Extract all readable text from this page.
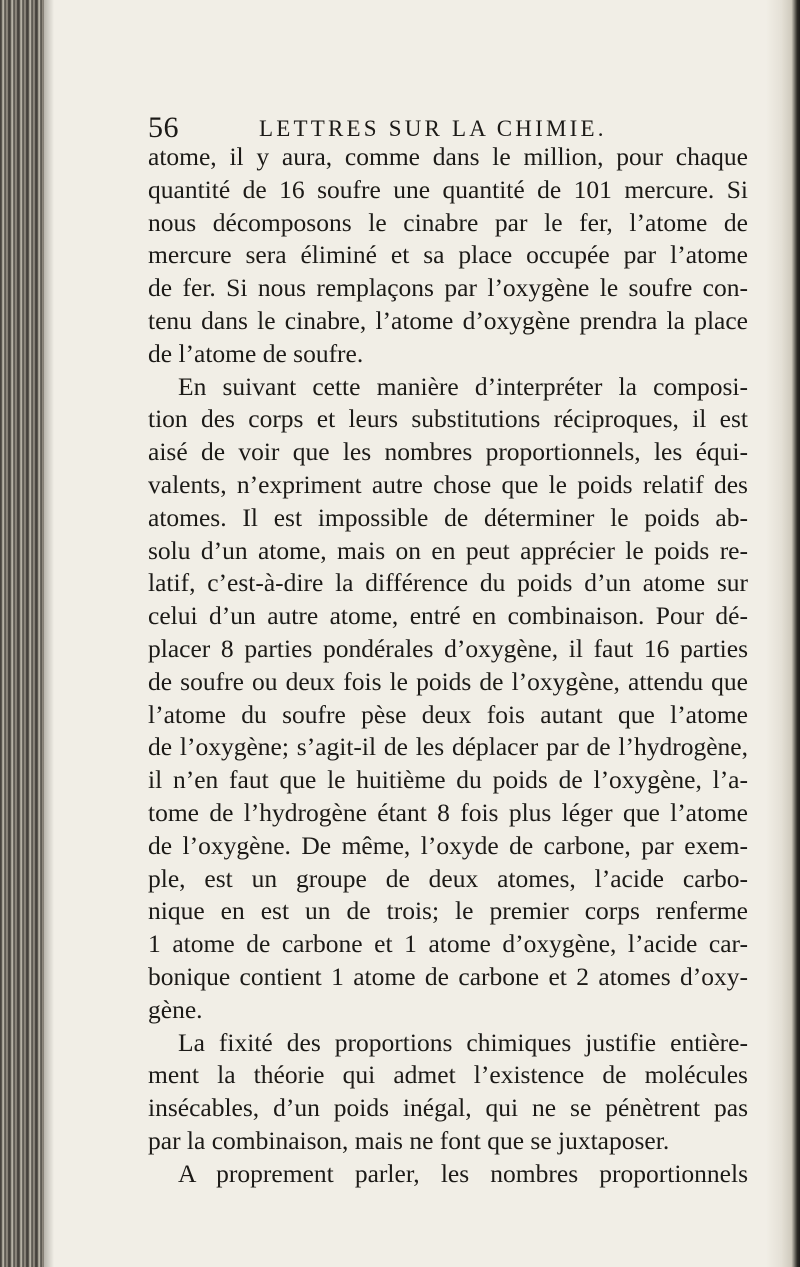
56	LETTRES SUR LA CHIMIE.
atome, il y aura, comme dans le million, pour chaque
quantité de 16 soufre une quantité de 101 mercure. Si
nous décomposons le cinabre par le fer, l’atome de
mercure sera éliminé et sa place occupée par l’atome
de fer. Si nous remplaçons par l’oxygène le soufre con-
tenu dans le cinabre, l’atome d’oxygène prendra la place
de l’atome de soufre.
En suivant cette manière d’interpréter la composi-
tion des corps et leurs substitutions réciproques, il est
aisé de voir que les nombres proportionnels, les équi-
valents, n’expriment autre chose que le poids relatif des
atomes. Il est impossible de déterminer le poids ab-
solu d’un atome, mais on en peut apprécier le poids re-
latif, c’est-à-dire la différence du poids d’un atome sur
celui d’un autre atome, entré en combinaison. Pour dé-
placer 8 parties pondérales d’oxygène, il faut 16 parties
de soufre ou deux fois le poids de l’oxygène, attendu que
l’atome du soufre pèse deux fois autant que l’atome
de l’oxygène; s’agit-il de les déplacer par de l’hydrogène,
il n’en faut que le huitième du poids de l’oxygène, l’a-
tome de l’hydrogène étant 8 fois plus léger que l’atome
de l’oxygène. De même, l’oxyde de carbone, par exem-
ple, est un groupe de deux atomes, l’acide carbo-
nique en est un de trois; le premier corps renferme
1 atome de carbone et 1 atome d’oxygène, l’acide car-
bonique contient 1 atome de carbone et 2 atomes d’oxy-
gène.
La fixité des proportions chimiques justifie entière-
ment la théorie qui admet l’existence de molécules
insécables, d’un poids inégal, qui ne se pénètrent pas
par la combinaison, mais ne font que se juxtaposer.
A proprement parler, les nombres proportionnels
